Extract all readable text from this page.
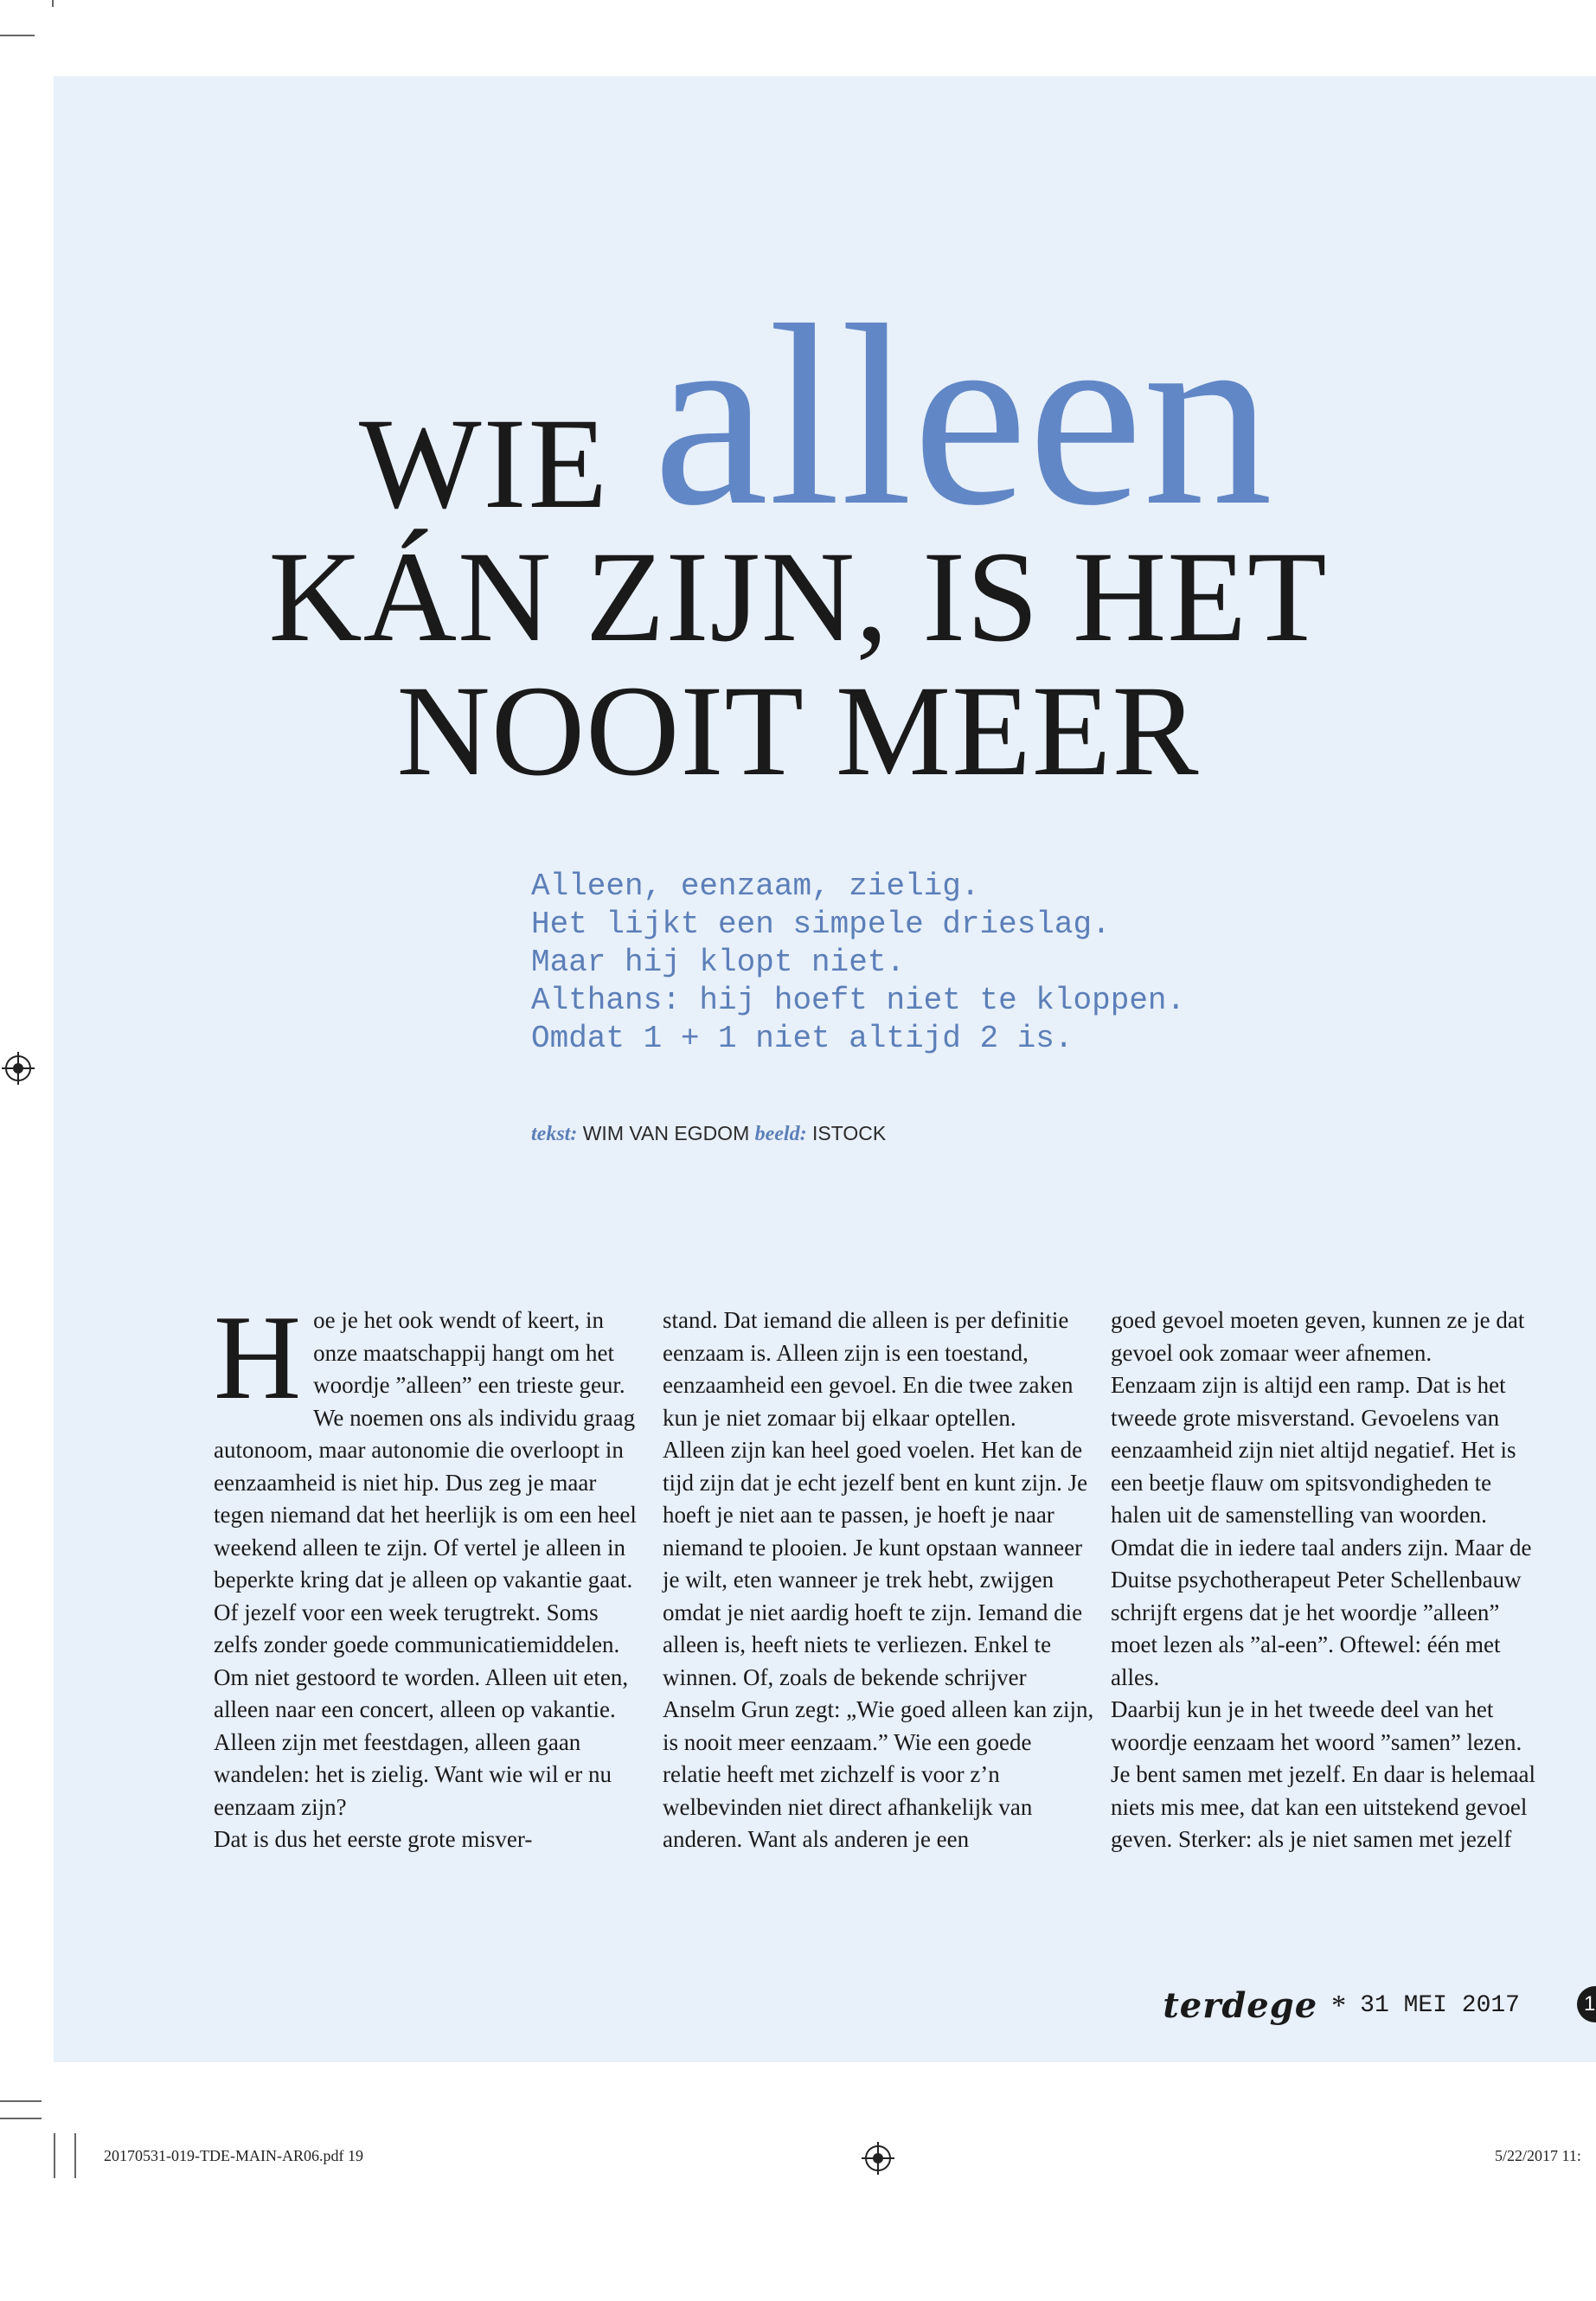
WIE alleen
KÁN ZIJN, IS HET
NOOIT MEER
Alleen, eenzaam, zielig.
Het lijkt een simpele drieslag.
Maar hij klopt niet.
Althans: hij hoeft niet te kloppen.
Omdat 1 + 1 niet altijd 2 is.
tekst: WIM VAN EGDOM beeld: ISTOCK

Hoe je het ook wendt of keert, in onze maatschappij hangt om het woordje ”alleen” een trieste geur. We noemen ons als individu graag autonoom, maar autonomie die overloopt in eenzaamheid is niet hip. Dus zeg je maar tegen niemand dat het heerlijk is om een heel weekend alleen te zijn. Of vertel je alleen in beperkte kring dat je alleen op vakantie gaat. Of jezelf voor een week terugtrekt. Soms zelfs zonder goede communicatiemiddelen. Om niet gestoord te worden. Alleen uit eten, alleen naar een concert, alleen op vakantie. Alleen zijn met feestdagen, alleen gaan wandelen: het is zielig. Want wie wil er nu eenzaam zijn?

Dat is dus het eerste grote misver-

stand. Dat iemand die alleen is per definitie eenzaam is. Alleen zijn is een toestand, eenzaamheid een gevoel. En die twee zaken kun je niet zomaar bij elkaar optellen.

Alleen zijn kan heel goed voelen. Het kan de tijd zijn dat je echt jezelf bent en kunt zijn. Je hoeft je niet aan te passen, je hoeft je naar niemand te plooien. Je kunt opstaan wanneer je wilt, eten wanneer je trek hebt, zwijgen omdat je niet aardig hoeft te zijn. Iemand die alleen is, heeft niets te verliezen. Enkel te winnen. Of, zoals de bekende schrijver Anselm Grun zegt: „Wie goed alleen kan zijn, is nooit meer eenzaam.” Wie een goede relatie heeft met zichzelf is voor z’n welbevinden niet direct afhankelijk van anderen. Want als anderen je een

goed gevoel moeten geven, kunnen ze je dat gevoel ook zomaar weer afnemen.

Eenzaam zijn is altijd een ramp. Dat is het tweede grote misverstand. Gevoelens van eenzaamheid zijn niet altijd negatief. Het is een beetje flauw om spitsvondigheden te halen uit de samenstelling van woorden. Omdat die in iedere taal anders zijn. Maar de Duitse psychotherapeut Peter Schellenbauw schrijft ergens dat je het woordje ”alleen” moet lezen als ”al-een”. Oftewel: één met alles.

Daarbij kun je in het tweede deel van het woordje eenzaam het woord ”samen” lezen. Je bent samen met jezelf. En daar is helemaal niets mis mee, dat kan een uitstekend gevoel geven. Sterker: als je niet samen met jezelf

terdege * 31 MEI 2017	1
20170531-019-TDE-MAIN-AR06.pdf 19	5/22/2017 11:
